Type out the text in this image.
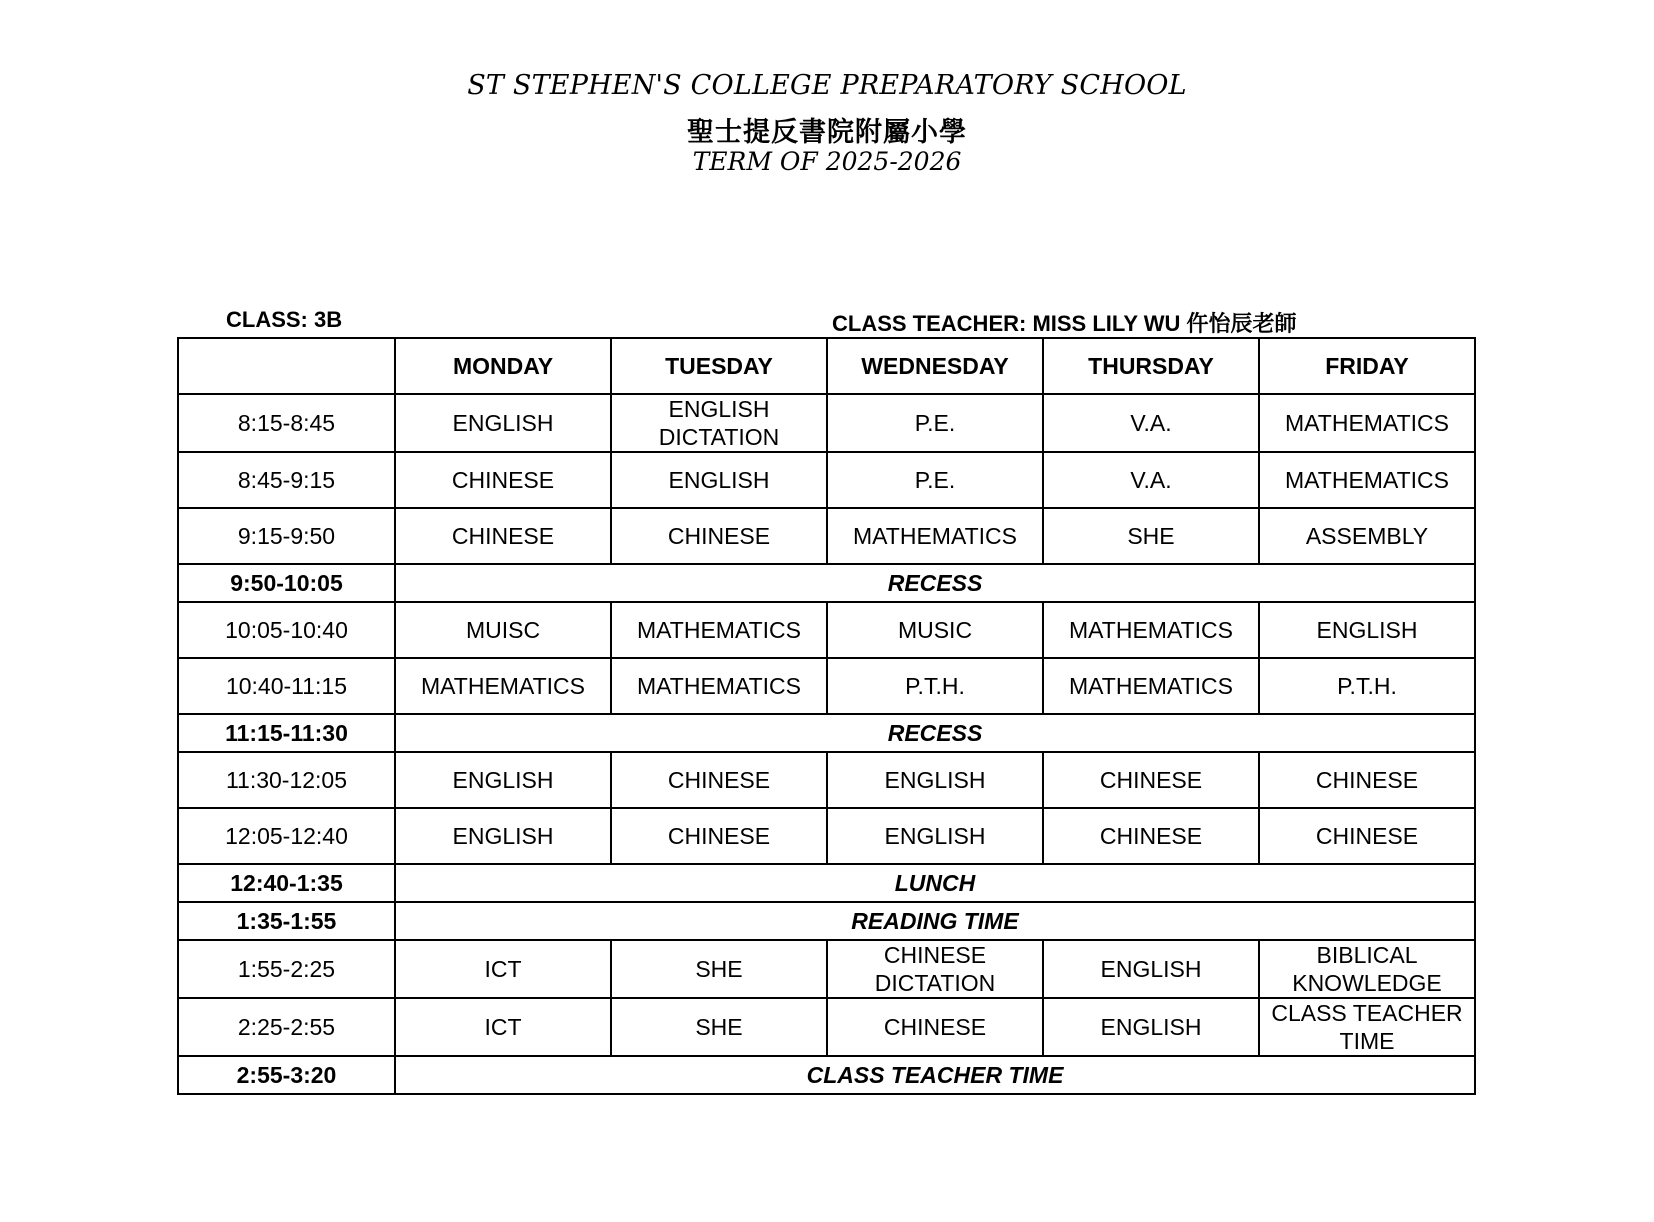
ST STEPHEN'S COLLEGE PREPARATORY SCHOOL
聖士提反書院附屬小學
TERM OF 2025-2026
CLASS: 3B	CLASS TEACHER: MISS LILY WU 仵怡辰老師
	MONDAY	TUESDAY	WEDNESDAY	THURSDAY	FRIDAY
8:15-8:45	ENGLISH	ENGLISH DICTATION	P.E.	V.A.	MATHEMATICS
8:45-9:15	CHINESE	ENGLISH	P.E.	V.A.	MATHEMATICS
9:15-9:50	CHINESE	CHINESE	MATHEMATICS	SHE	ASSEMBLY
9:50-10:05	RECESS				
10:05-10:40	MUISC	MATHEMATICS	MUSIC	MATHEMATICS	ENGLISH
10:40-11:15	MATHEMATICS	MATHEMATICS	P.T.H.	MATHEMATICS	P.T.H.
11:15-11:30	RECESS				
11:30-12:05	ENGLISH	CHINESE	ENGLISH	CHINESE	CHINESE
12:05-12:40	ENGLISH	CHINESE	ENGLISH	CHINESE	CHINESE
12:40-1:35	LUNCH				
1:35-1:55	READING TIME				
1:55-2:25	ICT	SHE	CHINESE DICTATION	ENGLISH	BIBLICAL KNOWLEDGE
2:25-2:55	ICT	SHE	CHINESE	ENGLISH	CLASS TEACHER TIME
2:55-3:20	CLASS TEACHER TIME				
